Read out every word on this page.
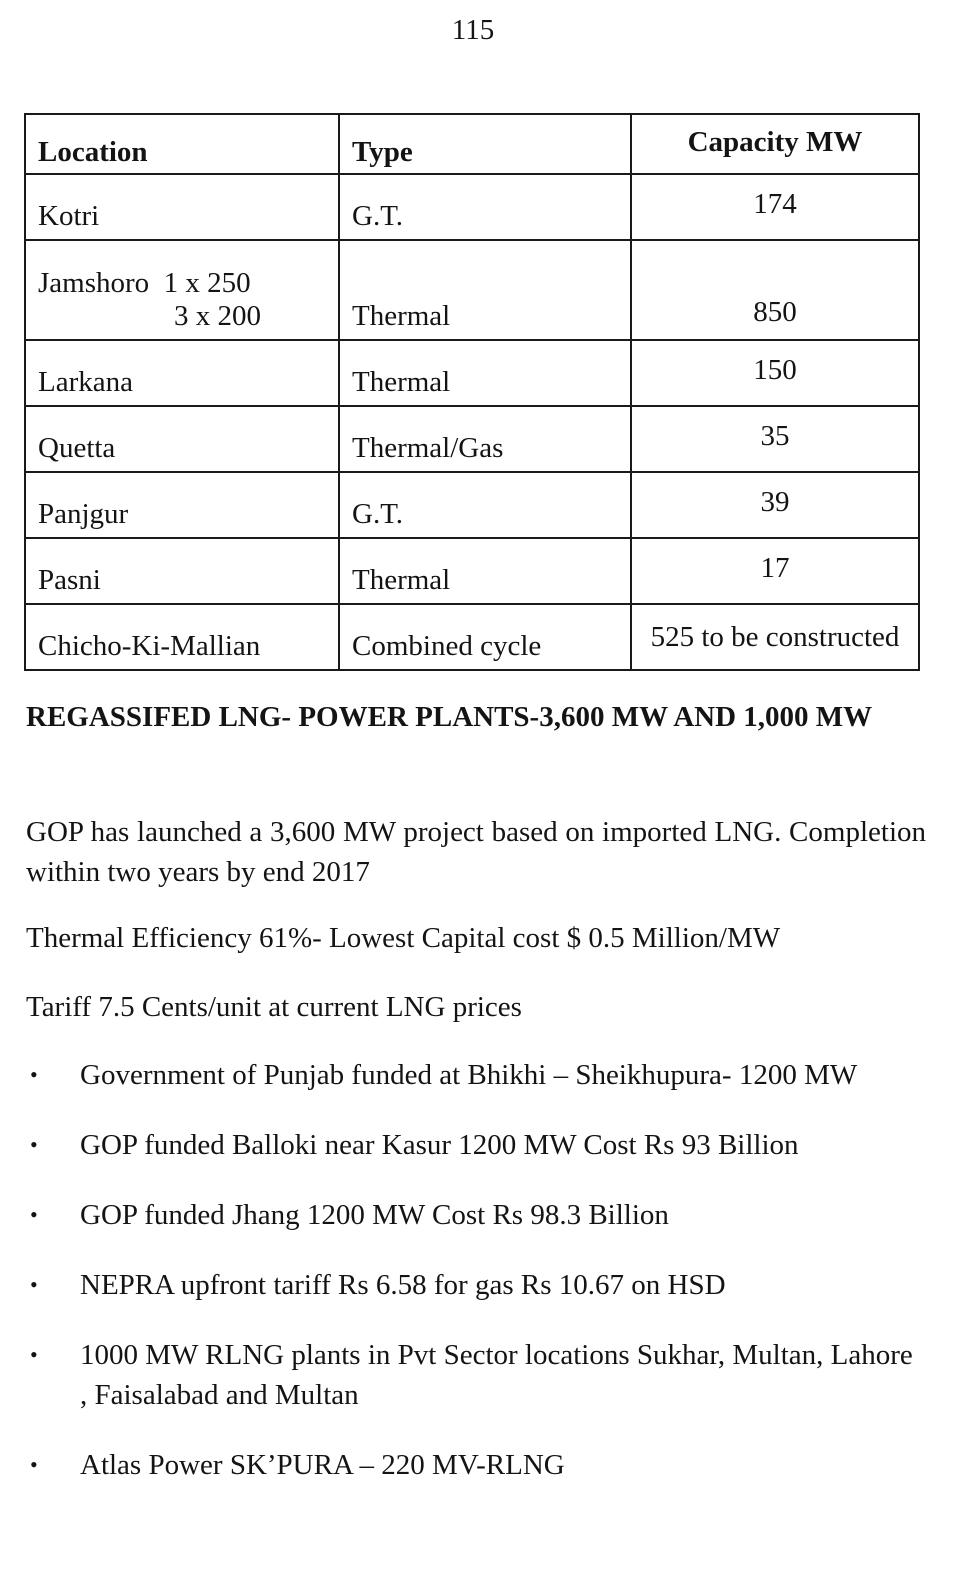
115
Location	Type	Capacity MW
Kotri	G.T.	174
Jamshoro  1 x 250
3 x 200	Thermal	850
Larkana	Thermal	150
Quetta	Thermal/Gas	35
Panjgur	G.T.	39
Pasni	Thermal	17
Chicho-Ki-Mallian	Combined cycle	525 to be constructed
REGASSIFED LNG- POWER PLANTS-3,600 MW AND 1,000 MW

GOP has launched a 3,600 MW project based on imported LNG. Completion within two years by end 2017

Thermal Efficiency 61%- Lowest Capital cost $ 0.5 Million/MW

Tariff 7.5 Cents/unit at current LNG prices

• Government of Punjab funded at Bhikhi – Sheikhupura- 1200 MW
• GOP funded Balloki near Kasur 1200 MW Cost Rs 93 Billion
• GOP funded Jhang 1200 MW Cost Rs 98.3 Billion
• NEPRA upfront tariff Rs 6.58 for gas Rs 10.67 on HSD
• 1000 MW RLNG plants in Pvt Sector locations Sukhar, Multan, Lahore , Faisalabad and Multan
• Atlas Power SK’PURA – 220 MV-RLNG
